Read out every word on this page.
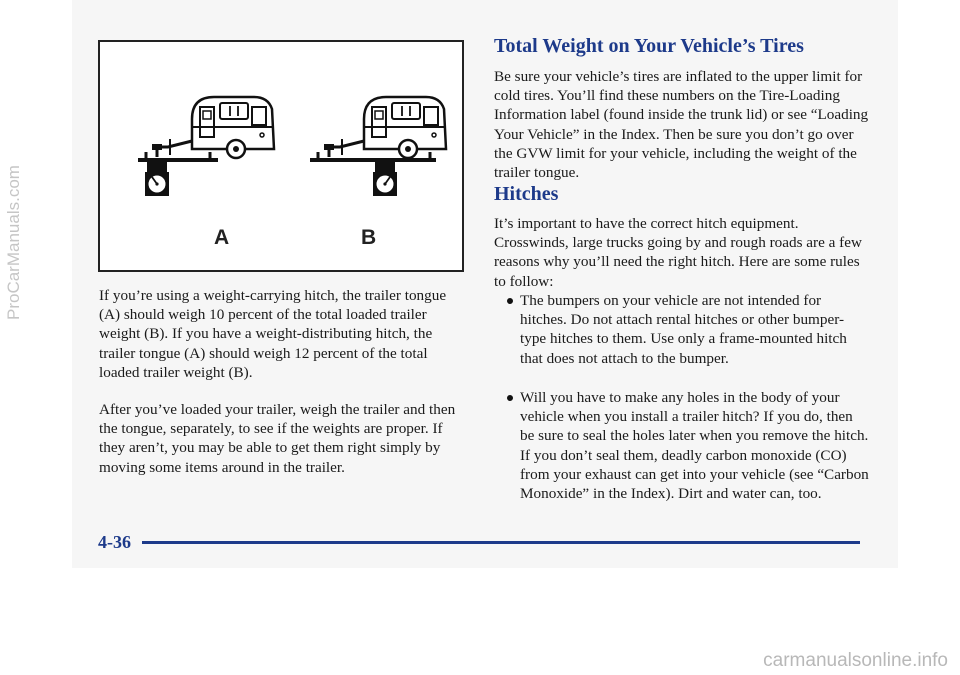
A	B

If you’re using a weight-carrying hitch, the trailer tongue (A) should weigh 10 percent of the total loaded trailer weight (B). If you have a weight-distributing hitch, the trailer tongue (A) should weigh 12 percent of the total loaded trailer weight (B).

After you’ve loaded your trailer, weigh the trailer and then the tongue, separately, to see if the weights are proper. If they aren’t, you may be able to get them right simply by moving some items around in the trailer.

Total Weight on Your Vehicle’s Tires

Be sure your vehicle’s tires are inflated to the upper limit for cold tires. You’ll find these numbers on the Tire-Loading Information label (found inside the trunk lid) or see “Loading Your Vehicle” in the Index. Then be sure you don’t go over the GVW limit for your vehicle, including the weight of the trailer tongue.

Hitches

It’s important to have the correct hitch equipment. Crosswinds, large trucks going by and rough roads are a few reasons why you’ll need the right hitch. Here are some rules to follow:

The bumpers on your vehicle are not intended for hitches. Do not attach rental hitches or other bumper-type hitches to them. Use only a frame-mounted hitch that does not attach to the bumper.

Will you have to make any holes in the body of your vehicle when you install a trailer hitch? If you do, then be sure to seal the holes later when you remove the hitch. If you don’t seal them, deadly carbon monoxide (CO) from your exhaust can get into your vehicle (see “Carbon Monoxide” in the Index). Dirt and water can, too.

4-36
ProCarManuals.com
carmanualsonline.info
